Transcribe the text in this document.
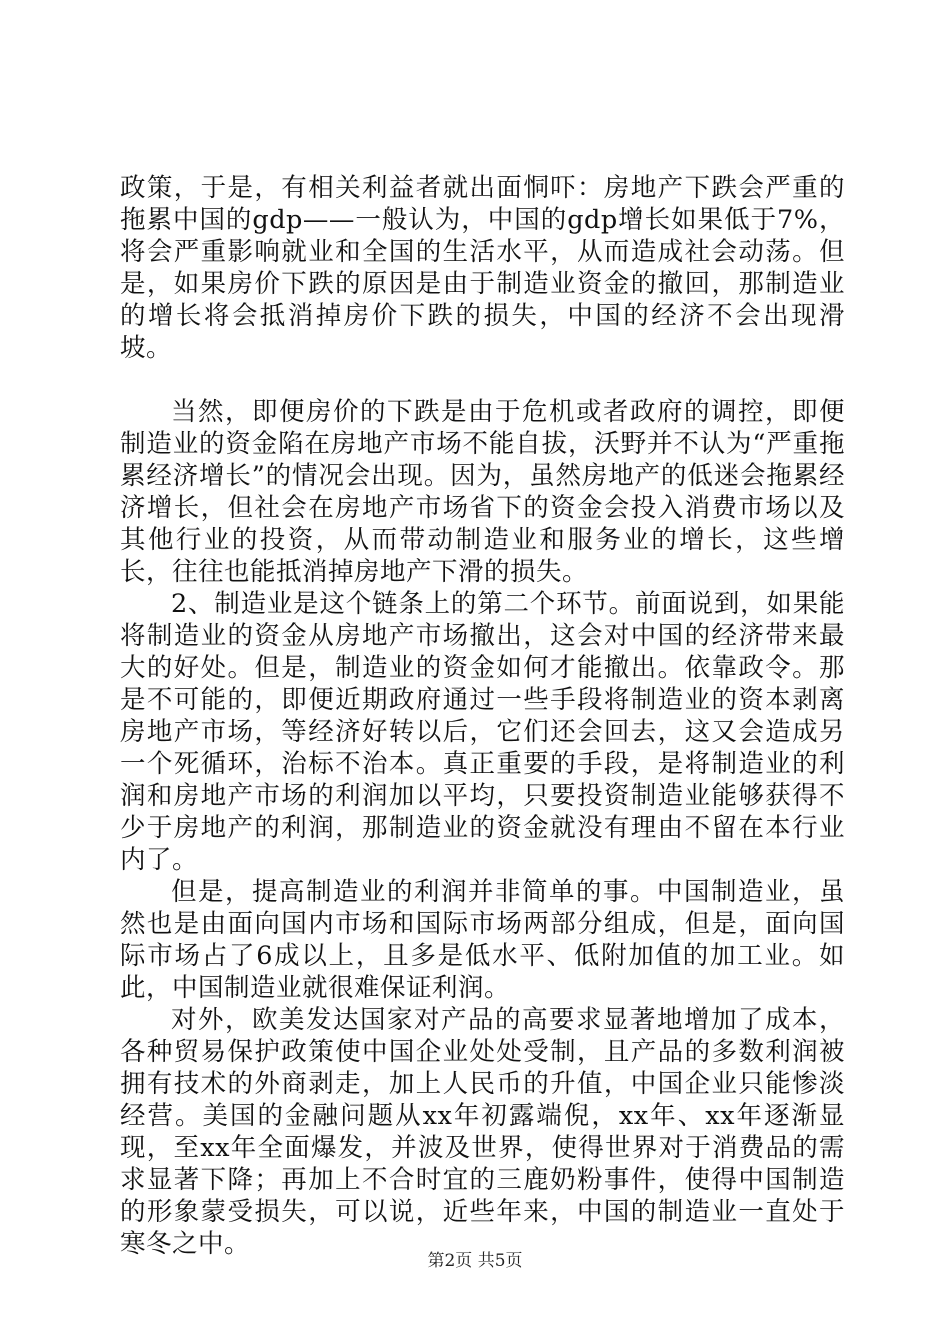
政策，于是，有相关利益者就出面恫吓：房地产下跌会严重的拖累中国的gdp——一般认为，中国的gdp增长如果低于7%，将会严重影响就业和全国的生活水平，从而造成社会动荡。但是，如果房价下跌的原因是由于制造业资金的撤回，那制造业的增长将会抵消掉房价下跌的损失，中国的经济不会出现滑坡。

当然，即便房价的下跌是由于危机或者政府的调控，即便制造业的资金陷在房地产市场不能自拔，沃野并不认为“严重拖累经济增长”的情况会出现。因为，虽然房地产的低迷会拖累经济增长，但社会在房地产市场省下的资金会投入消费市场以及其他行业的投资，从而带动制造业和服务业的增长，这些增长，往往也能抵消掉房地产下滑的损失。

2、制造业是这个链条上的第二个环节。前面说到，如果能将制造业的资金从房地产市场撤出，这会对中国的经济带来最大的好处。但是，制造业的资金如何才能撤出。依靠政令。那是不可能的，即便近期政府通过一些手段将制造业的资本剥离房地产市场，等经济好转以后，它们还会回去，这又会造成另一个死循环，治标不治本。真正重要的手段，是将制造业的利润和房地产市场的利润加以平均，只要投资制造业能够获得不少于房地产的利润，那制造业的资金就没有理由不留在本行业内了。

但是，提高制造业的利润并非简单的事。中国制造业，虽然也是由面向国内市场和国际市场两部分组成，但是，面向国际市场占了6成以上，且多是低水平、低附加值的加工业。如此，中国制造业就很难保证利润。

对外，欧美发达国家对产品的高要求显著地增加了成本，各种贸易保护政策使中国企业处处受制，且产品的多数利润被拥有技术的外商剥走，加上人民币的升值，中国企业只能惨淡经营。美国的金融问题从xx年初露端倪，xx年、xx年逐渐显现，至xx年全面爆发，并波及世界，使得世界对于消费品的需求显著下降；再加上不合时宜的三鹿奶粉事件，使得中国制造的形象蒙受损失，可以说，近些年来，中国的制造业一直处于寒冬之中。

第2页 共5页
